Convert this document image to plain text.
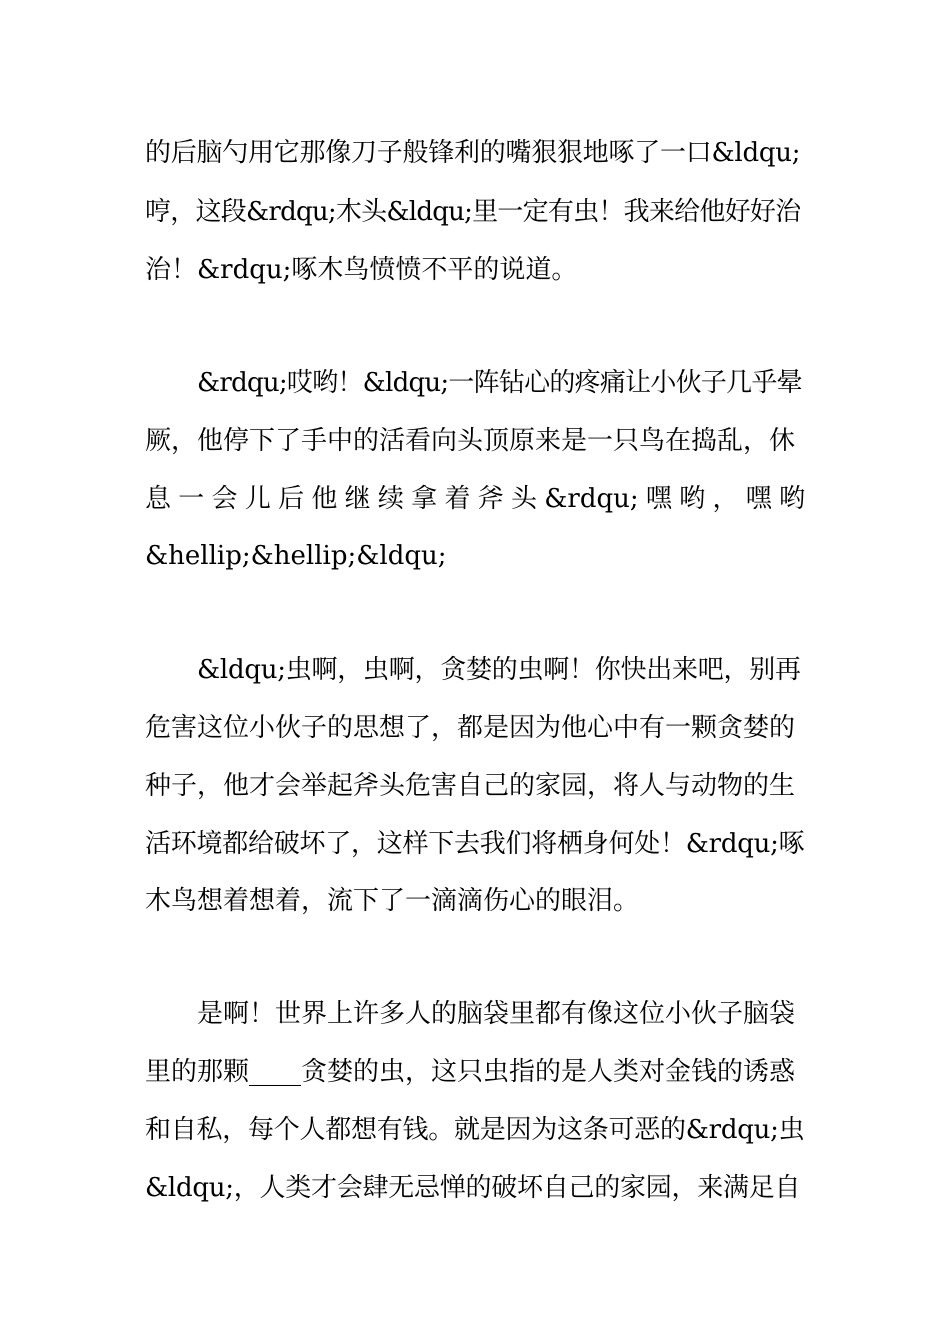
的后脑勺用它那像刀子般锋利的嘴狠狠地啄了一口&ldqu;
哼，这段&rdqu;木头&ldqu;里一定有虫！我来给他好好治
治！&rdqu;啄木鸟愤愤不平的说道。
&rdqu;哎哟！&ldqu;一阵钻心的疼痛让小伙子几乎晕
厥，他停下了手中的活看向头顶原来是一只鸟在捣乱，休
息一会儿后他继续拿着斧头&rdqu;嘿哟，嘿哟
&hellip;&hellip;&ldqu;
&ldqu;虫啊，虫啊，贪婪的虫啊！你快出来吧，别再
危害这位小伙子的思想了，都是因为他心中有一颗贪婪的
种子，他才会举起斧头危害自己的家园，将人与动物的生
活环境都给破坏了，这样下去我们将栖身何处！&rdqu;啄
木鸟想着想着，流下了一滴滴伤心的眼泪。
是啊！世界上许多人的脑袋里都有像这位小伙子脑袋
里的那颗____贪婪的虫，这只虫指的是人类对金钱的诱惑
和自私，每个人都想有钱。就是因为这条可恶的&rdqu;虫
&ldqu;，人类才会肆无忌惮的破坏自己的家园，来满足自
